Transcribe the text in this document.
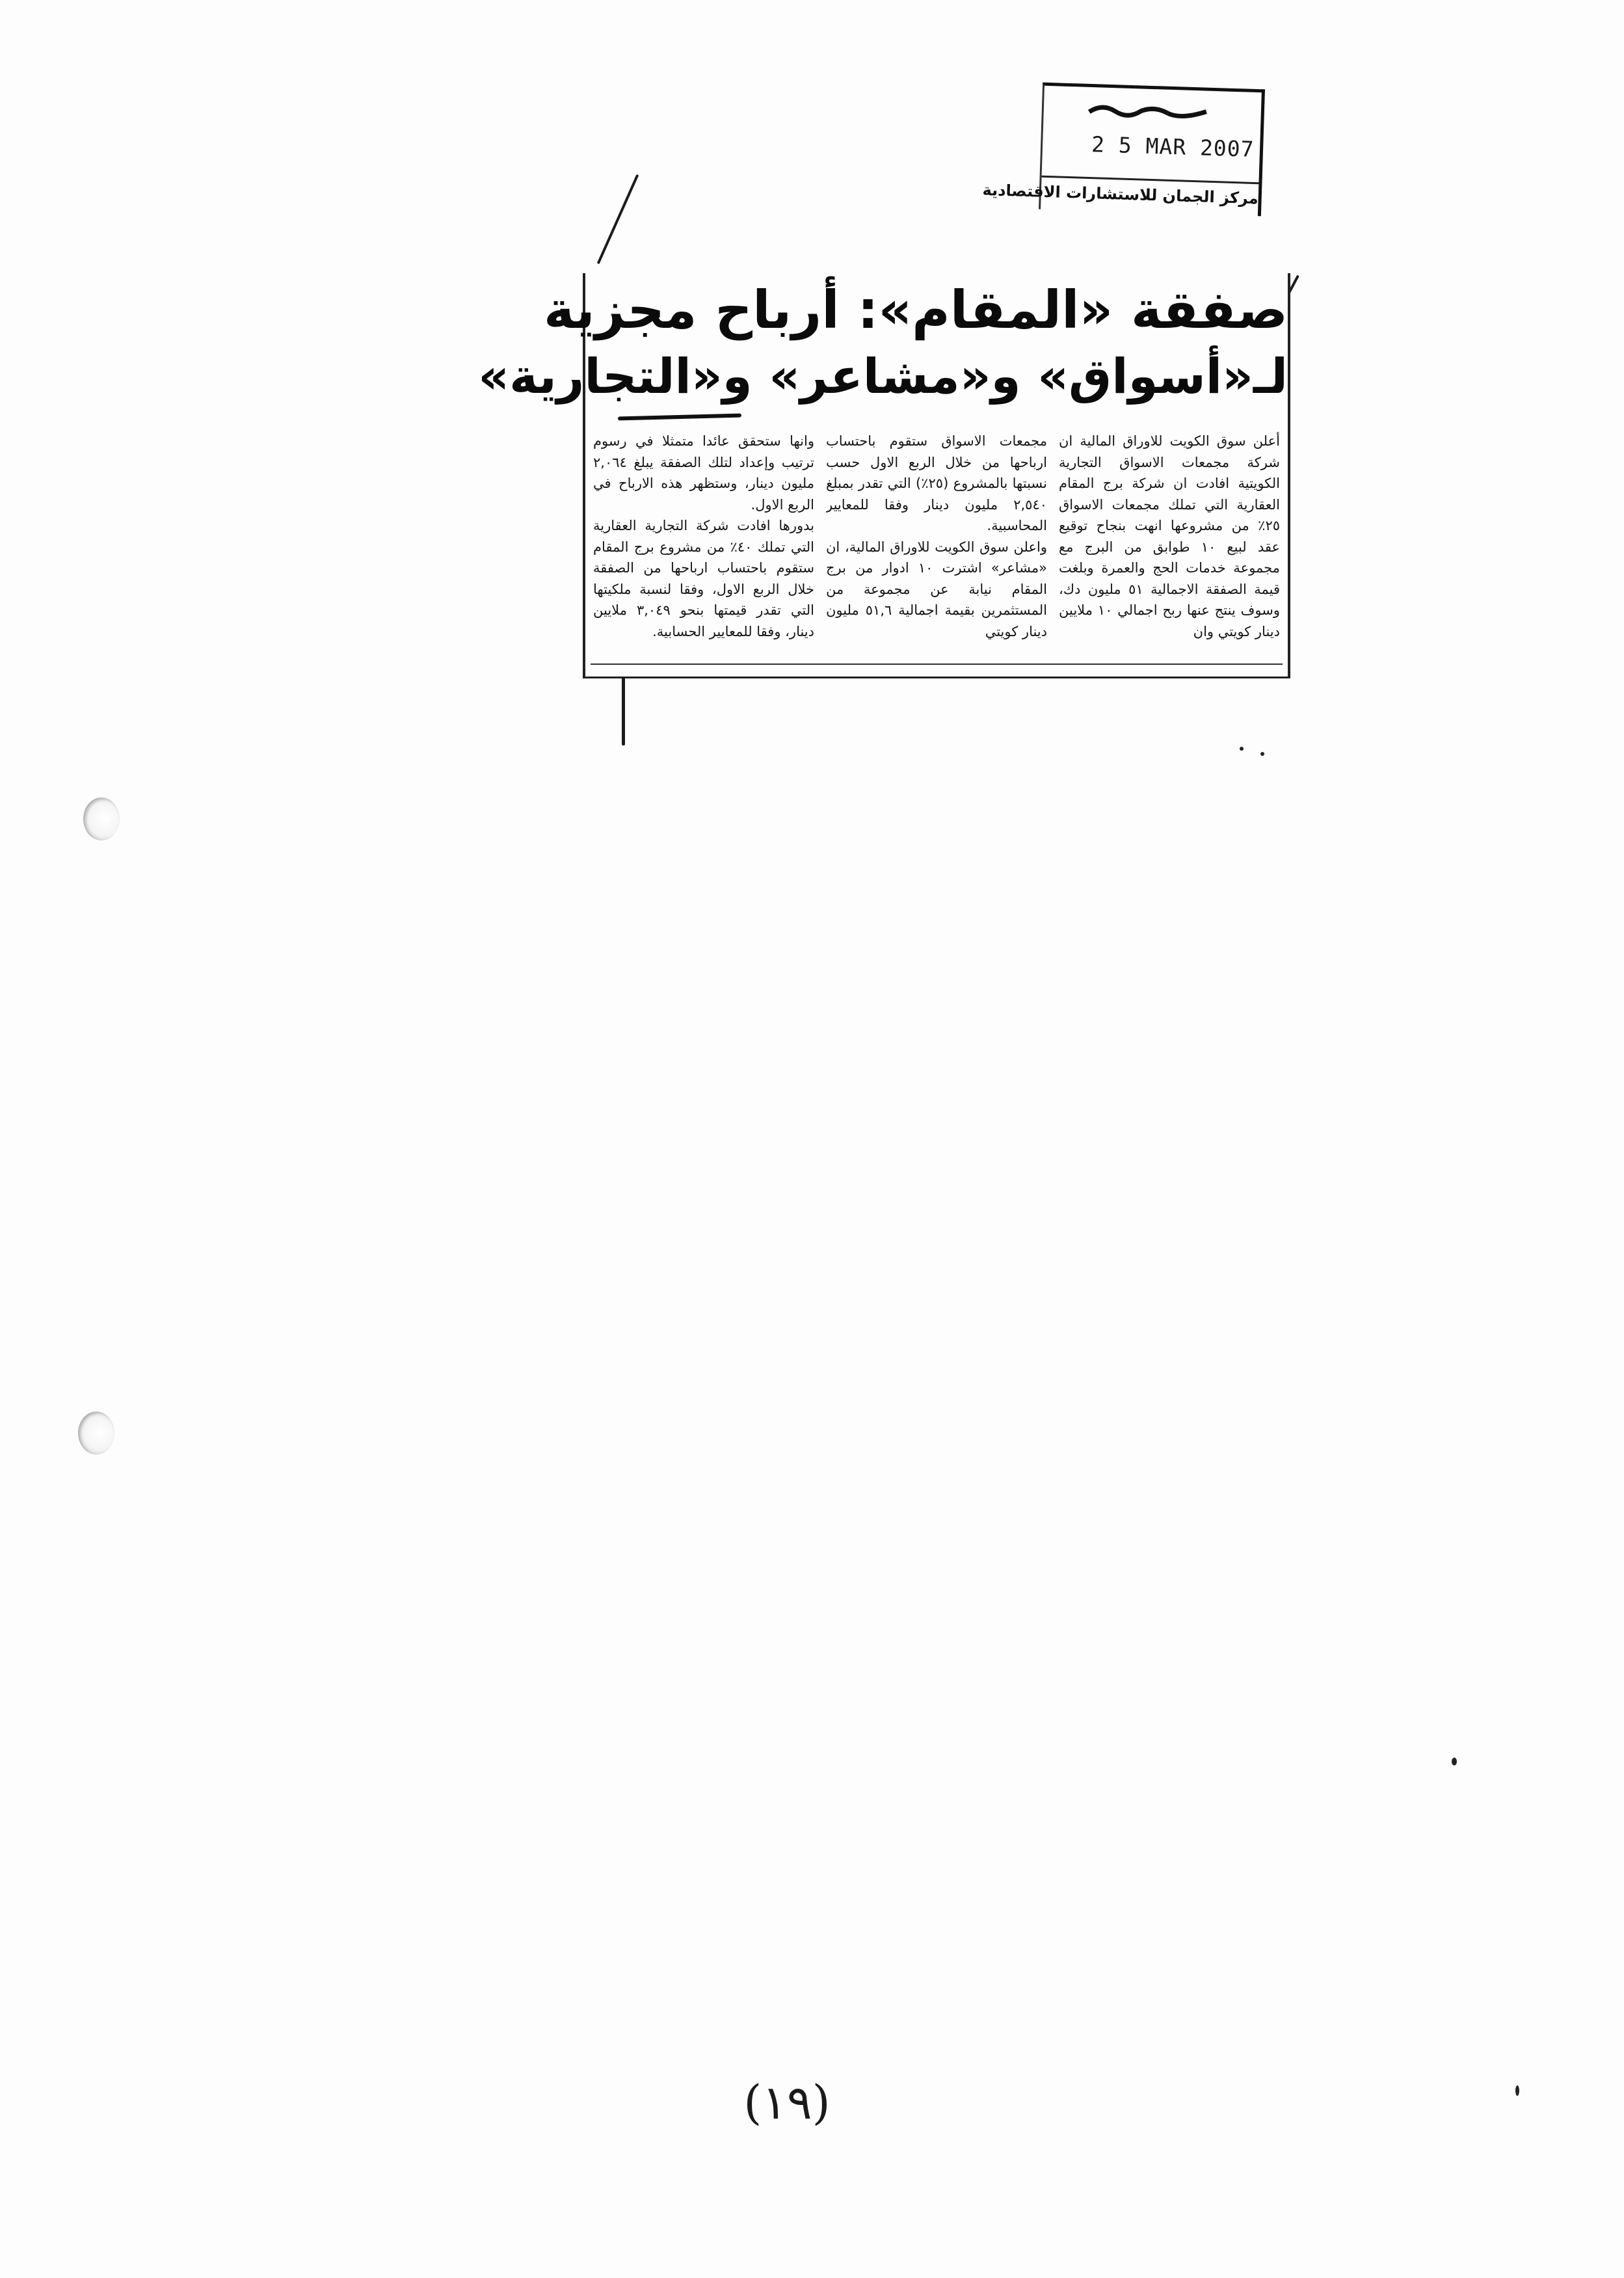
2 5 MAR 2007
مركز الجمان للاستشارات الاقتصادية
صفقة «المقام»: أرباح مجزية
لـ«أسواق» و«مشاعر» و«التجارية»

أعلن سوق الكويت للاوراق المالية ان شركة مجمعات الاسواق التجارية الكويتية افادت ان شركة برج المقام العقارية التي تملك مجمعات الاسواق ٢٥٪ من مشروعها انهت بنجاح توقيع عقد لبيع ١٠ طوابق من البرج مع مجموعة خدمات الحج والعمرة وبلغت قيمة الصفقة الاجمالية ٥١ مليون دك، وسوف ينتج عنها ربح اجمالي ١٠ ملايين دينار كويتي وان

مجمعات الاسواق ستقوم باحتساب ارباحها من خلال الربع الاول حسب نسبتها بالمشروع (٢٥٪) التي تقدر بمبلغ ٢,٥٤٠ مليون دينار وفقا للمعايير المحاسبية.

واعلن سوق الكويت للاوراق المالية، ان «مشاعر» اشترت ١٠ ادوار من برج المقام نيابة عن مجموعة من المستثمرين بقيمة اجمالية ٥١,٦ مليون دينار كويتي

وانها ستحقق عائدا متمثلا في رسوم ترتيب وإعداد لتلك الصفقة يبلغ ٢,٠٦٤ مليون دينار، وستظهر هذه الارباح في الربع الاول.

بدورها افادت شركة التجارية العقارية التي تملك ٤٠٪ من مشروع برج المقام ستقوم باحتساب ارباحها من الصفقة خلال الربع الاول، وفقا لنسبة ملكيتها التي تقدر قيمتها بنحو ٣,٠٤٩ ملايين دينار، وفقا للمعايير الحسابية.

(١٩)
